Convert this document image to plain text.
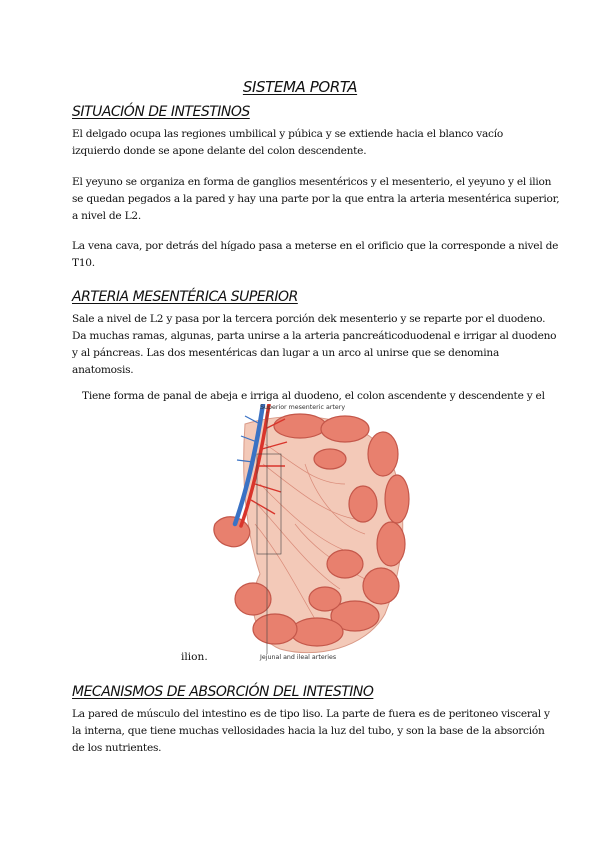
SISTEMA PORTA
SITUACIÓN DE INTESTINOS
El delgado ocupa las regiones umbilical y púbica y se extiende hacia el blanco vacío
izquierdo donde se apone delante del colon descendente.
El yeyuno se organiza en forma de ganglios mesentéricos y el mesenterio, el yeyuno y el ilion
se quedan pegados a la pared y hay una parte por la que entra la arteria mesentérica superior,
a nivel de L2.
La vena cava, por detrás del hígado pasa a meterse en el orificio que la corresponde a nivel de
T10.
ARTERIA MESENTÉRICA SUPERIOR
Sale a nivel de L2 y pasa por la tercera porción dek mesenterio y se reparte por el duodeno.
Da muchas ramas, algunas, parta unirse a la arteria pancreáticoduodenal e irrigar al duodeno
y al páncreas. Las dos mesentéricas dan lugar a un arco al unirse que se denomina
anatomosis.
Tiene forma de panal de abeja e irriga al duodeno, el colon ascendente y descendente y el
Superior mesenteric artery
Jejunal and ileal arteries
ilion.
MECANISMOS DE ABSORCIÓN DEL INTESTINO
La pared de músculo del intestino es de tipo liso. La parte de fuera es de peritoneo visceral y
la interna, que tiene muchas vellosidades hacia la luz del tubo, y son la base de la absorción
de los nutrientes.
